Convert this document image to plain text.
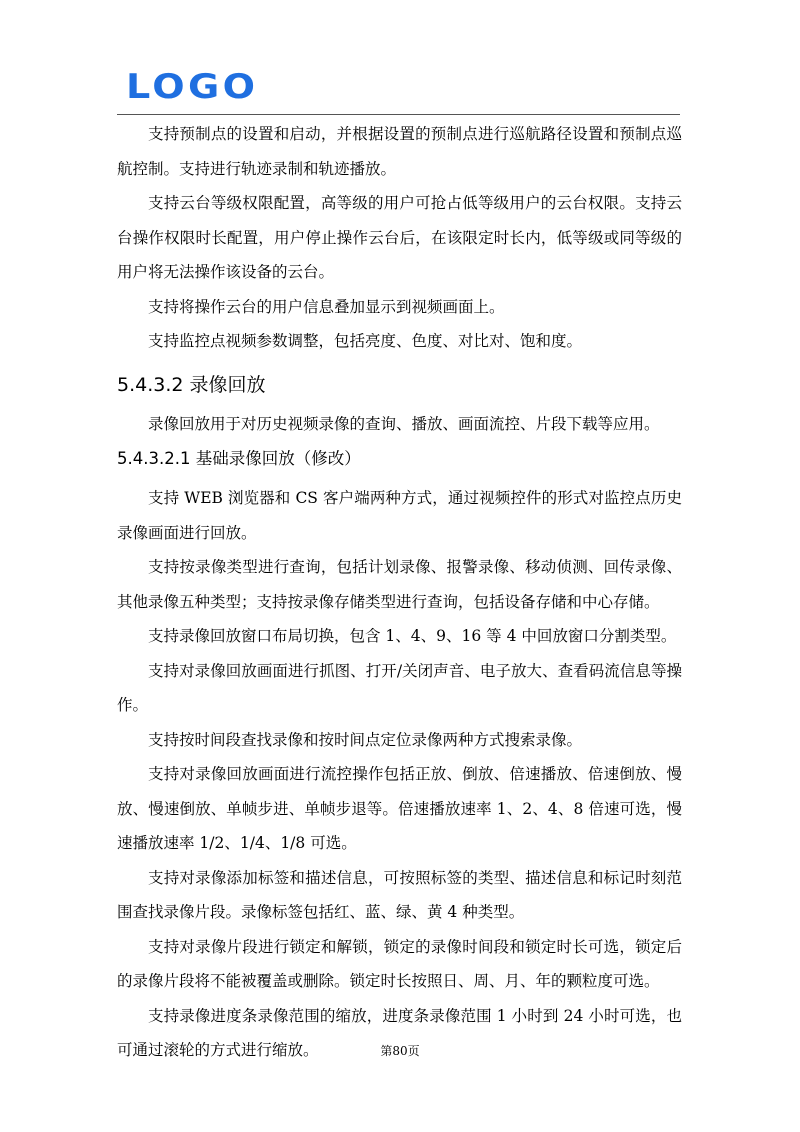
LOGO

支持预制点的设置和启动，并根据设置的预制点进行巡航路径设置和预制点巡航控制。支持进行轨迹录制和轨迹播放。

支持云台等级权限配置，高等级的用户可抢占低等级用户的云台权限。支持云台操作权限时长配置，用户停止操作云台后，在该限定时长内，低等级或同等级的用户将无法操作该设备的云台。

支持将操作云台的用户信息叠加显示到视频画面上。

支持监控点视频参数调整，包括亮度、色度、对比对、饱和度。

5.4.3.2 录像回放

录像回放用于对历史视频录像的查询、播放、画面流控、片段下载等应用。

5.4.3.2.1 基础录像回放（修改）

支持 WEB 浏览器和 CS 客户端两种方式，通过视频控件的形式对监控点历史录像画面进行回放。

支持按录像类型进行查询，包括计划录像、报警录像、移动侦测、回传录像、其他录像五种类型；支持按录像存储类型进行查询，包括设备存储和中心存储。

支持录像回放窗口布局切换，包含 1、4、9、16 等 4 中回放窗口分割类型。

支持对录像回放画面进行抓图、打开/关闭声音、电子放大、查看码流信息等操作。

支持按时间段查找录像和按时间点定位录像两种方式搜索录像。

支持对录像回放画面进行流控操作包括正放、倒放、倍速播放、倍速倒放、慢放、慢速倒放、单帧步进、单帧步退等。倍速播放速率 1、2、4、8 倍速可选，慢速播放速率 1/2、1/4、1/8 可选。

支持对录像添加标签和描述信息，可按照标签的类型、描述信息和标记时刻范围查找录像片段。录像标签包括红、蓝、绿、黄 4 种类型。

支持对录像片段进行锁定和解锁，锁定的录像时间段和锁定时长可选，锁定后的录像片段将不能被覆盖或删除。锁定时长按照日、周、月、年的颗粒度可选。

支持录像进度条录像范围的缩放，进度条录像范围 1 小时到 24 小时可选，也可通过滚轮的方式进行缩放。	第80页
